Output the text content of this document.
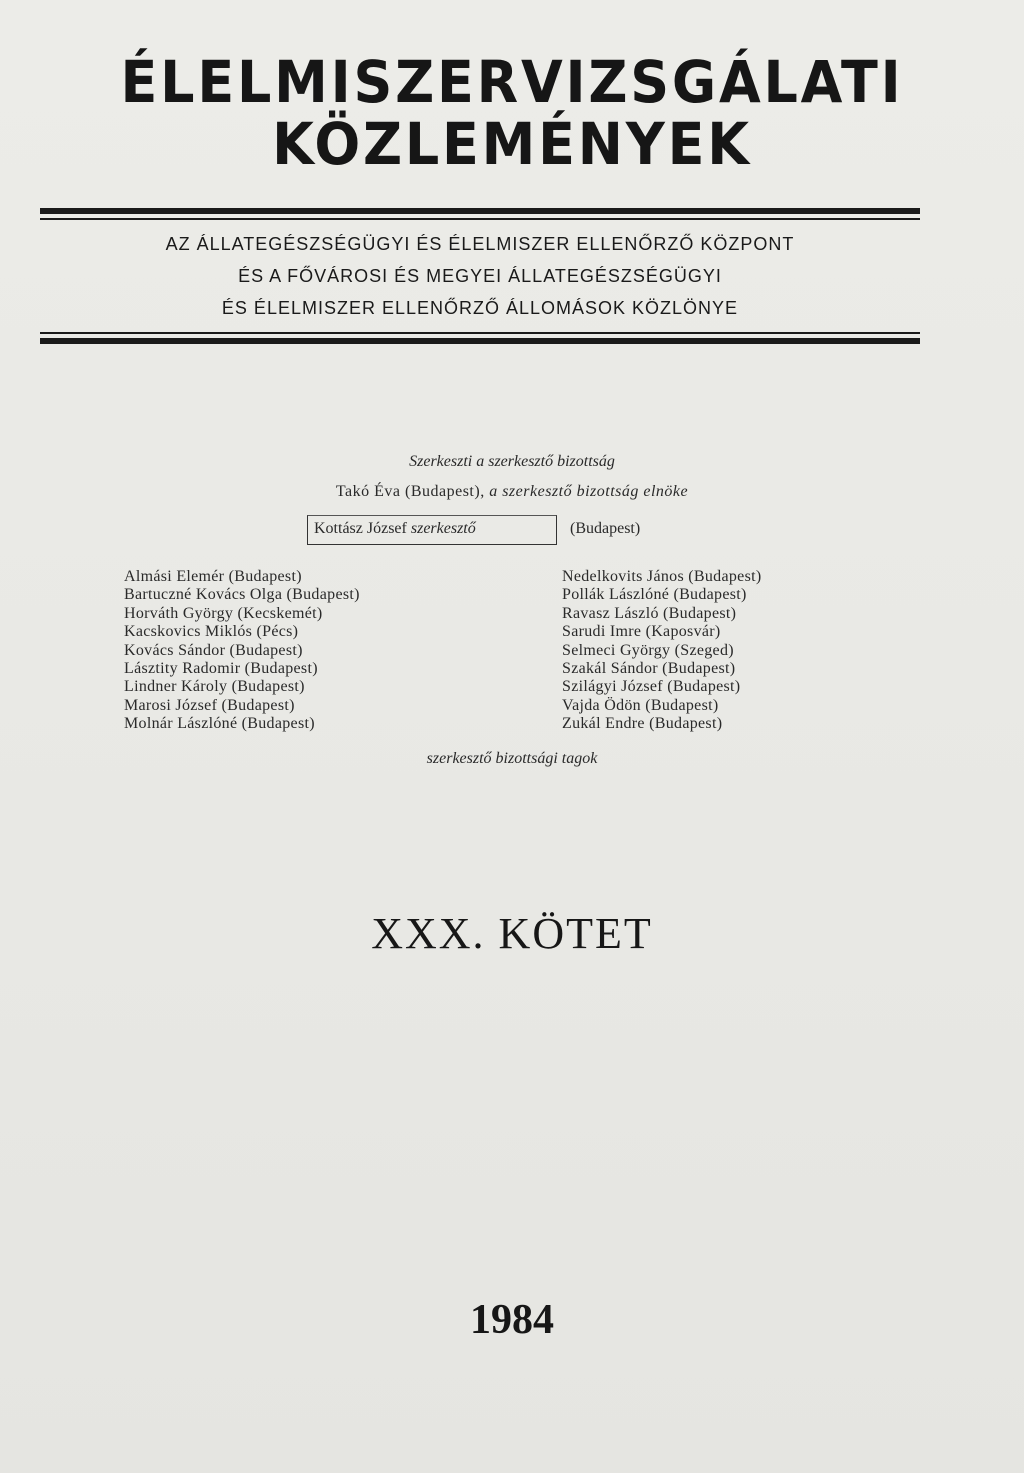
ÉLELMISZERVIZSGÁLATI
KÖZLEMÉNYEK
AZ ÁLLATEGÉSZSÉGÜGYI ÉS ÉLELMISZER ELLENŐRZŐ KÖZPONT
ÉS A FŐVÁROSI ÉS MEGYEI ÁLLATEGÉSZSÉGÜGYI
ÉS ÉLELMISZER ELLENŐRZŐ ÁLLOMÁSOK KÖZLÖNYE
Szerkeszti a szerkesztő bizottság
Takó Éva (Budapest), a szerkesztő bizottság elnöke
Kottász József szerkesztő	(Budapest)
Almási Elemér (Budapest)
Bartuczné Kovács Olga (Budapest)
Horváth György (Kecskemét)
Kacskovics Miklós (Pécs)
Kovács Sándor (Budapest)
Lásztity Radomir (Budapest)
Lindner Károly (Budapest)
Marosi József (Budapest)
Molnár Lászlóné (Budapest)
Nedelkovits János (Budapest)
Pollák Lászlóné (Budapest)
Ravasz László (Budapest)
Sarudi Imre (Kaposvár)
Selmeci György (Szeged)
Szakál Sándor (Budapest)
Szilágyi József (Budapest)
Vajda Ödön (Budapest)
Zukál Endre (Budapest)
szerkesztő bizottsági tagok
XXX. KÖTET
1984
